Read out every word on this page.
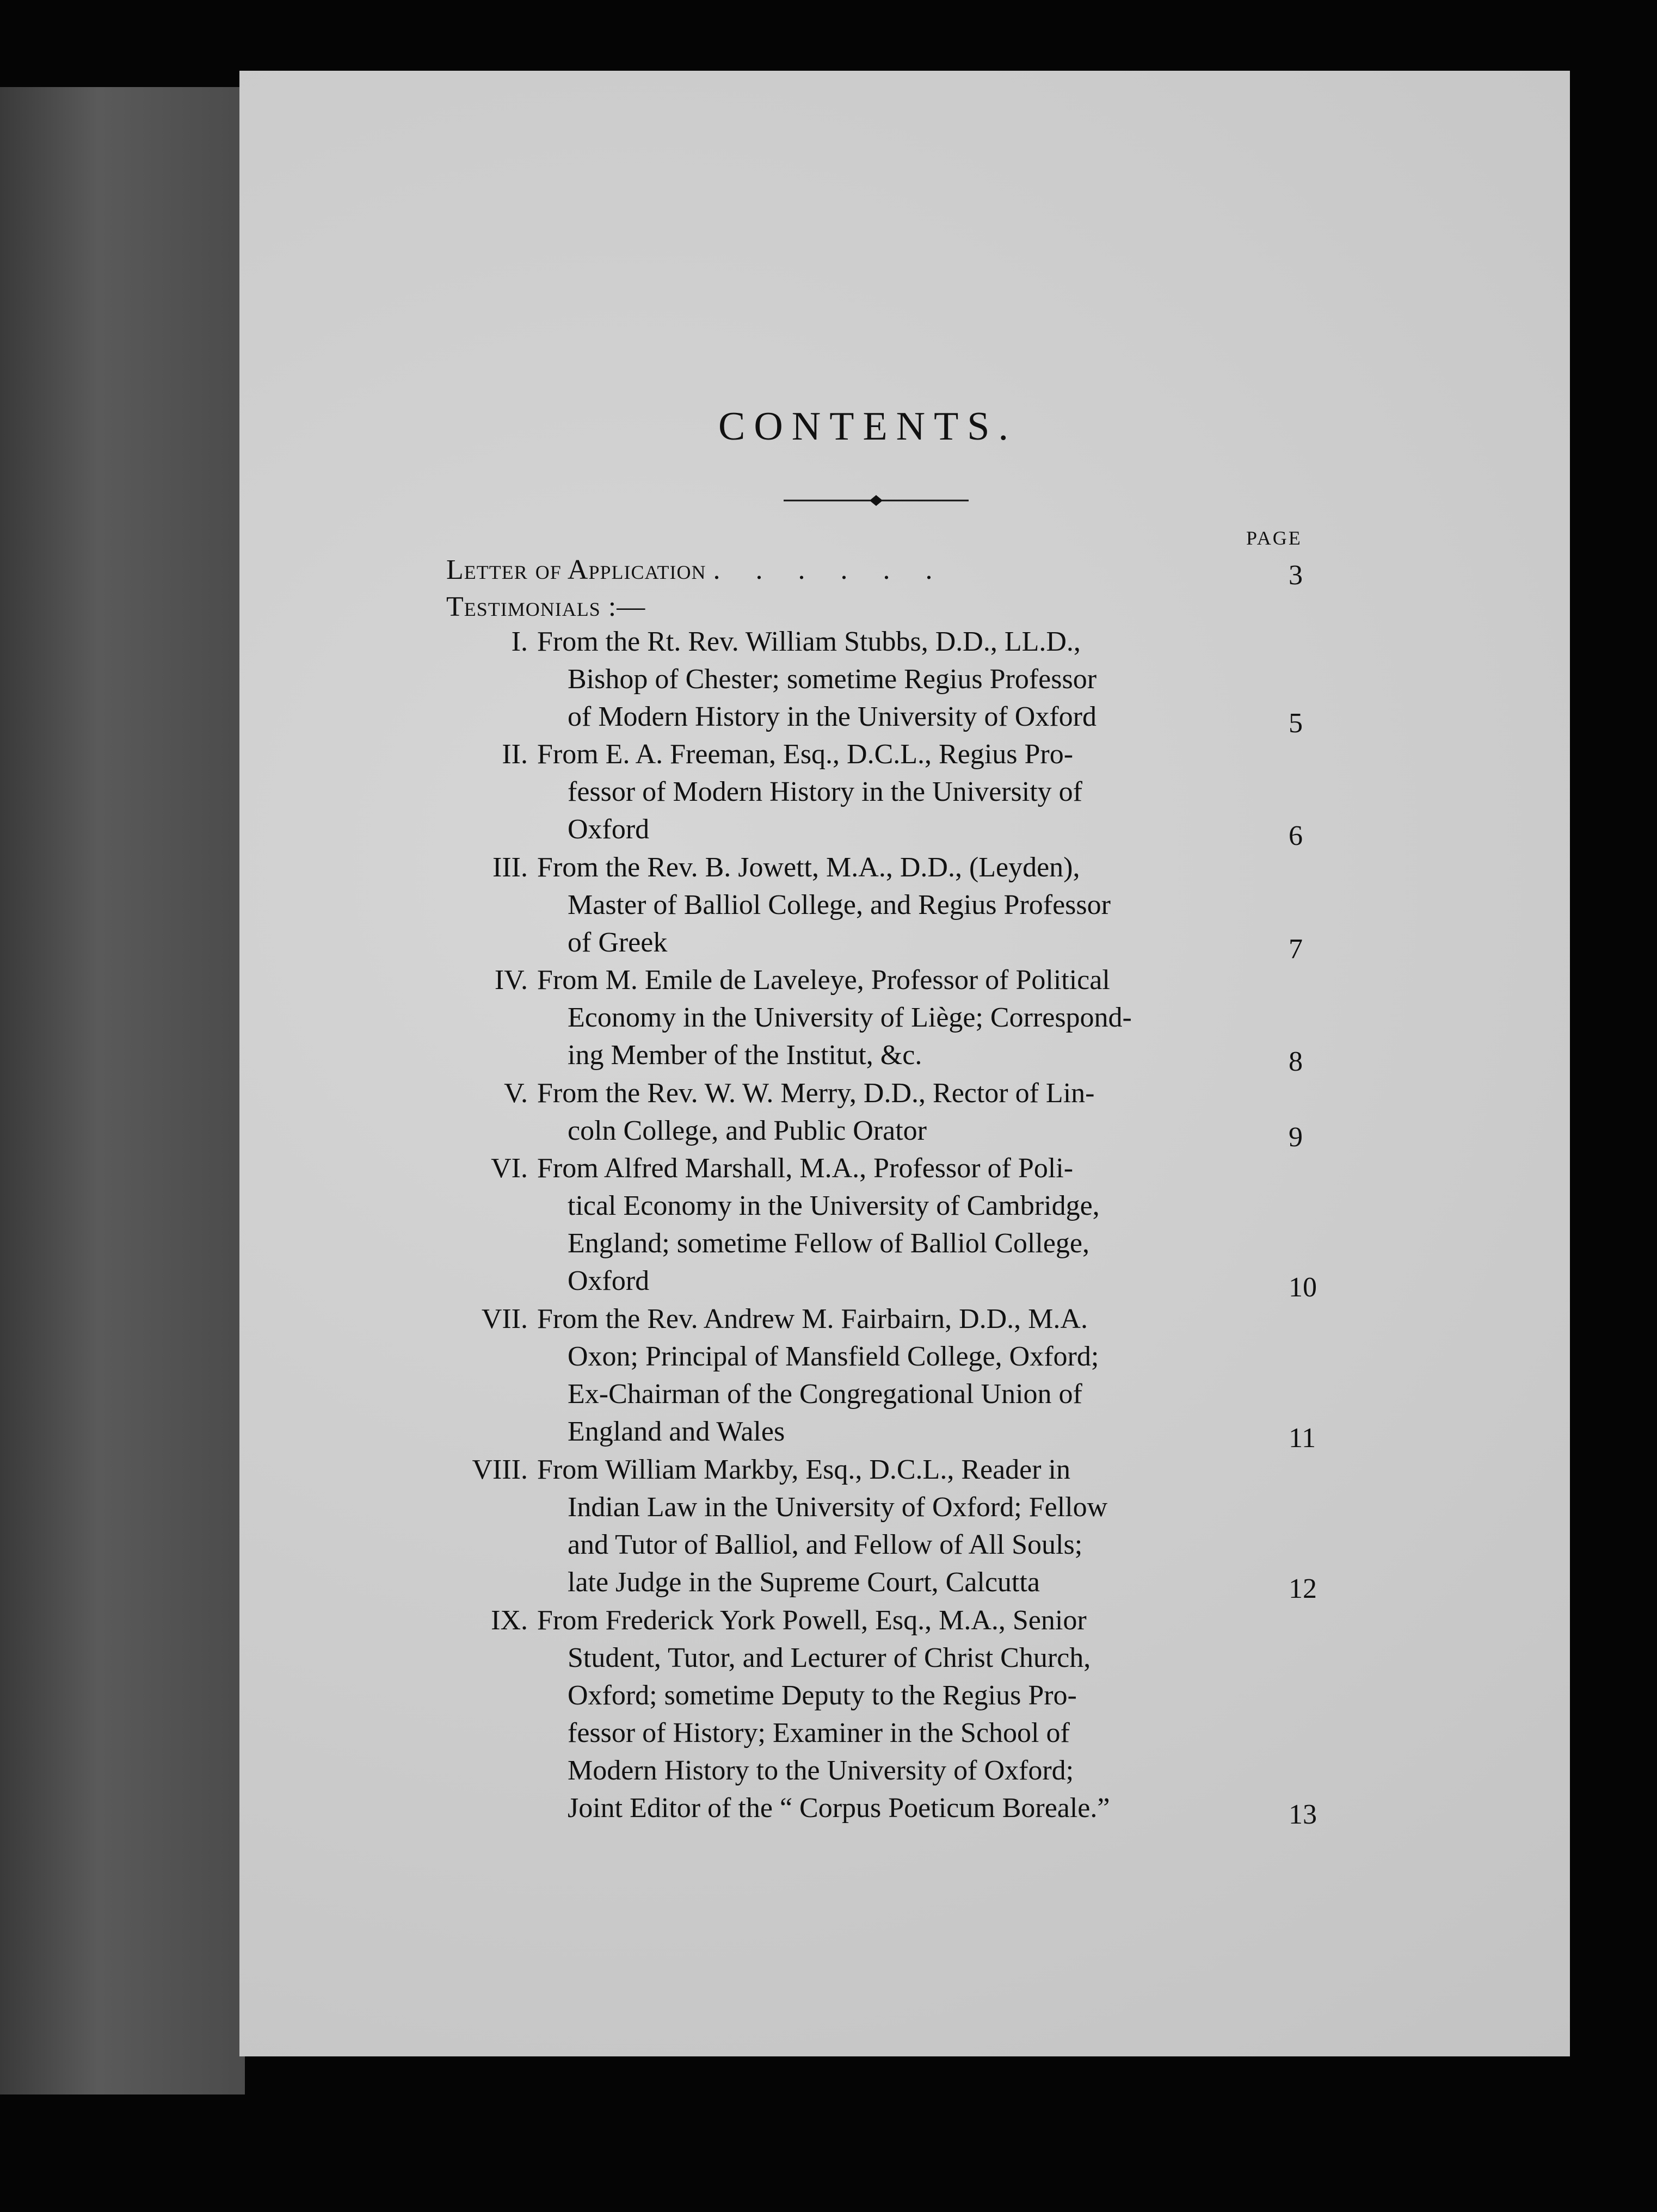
CONTENTS.
PAGE
Letter of Application .     .     .     .     .     .	3
Testimonials :—
I. From the Rt. Rev. William Stubbs, D.D., LL.D.,
Bishop of Chester; sometime Regius Professor
of Modern History in the University of Oxford	5
II. From E. A. Freeman, Esq., D.C.L., Regius Pro-
fessor of Modern History in the University of
Oxford	6
III. From the Rev. B. Jowett, M.A., D.D., (Leyden),
Master of Balliol College, and Regius Professor
of Greek	7
IV. From M. Emile de Laveleye, Professor of Political
Economy in the University of Liège; Correspond-
ing Member of the Institut, &c.	8
V. From the Rev. W. W. Merry, D.D., Rector of Lin-
coln College, and Public Orator	9
VI. From Alfred Marshall, M.A., Professor of Poli-
tical Economy in the University of Cambridge,
England; sometime Fellow of Balliol College,
Oxford	10
VII. From the Rev. Andrew M. Fairbairn, D.D., M.A.
Oxon; Principal of Mansfield College, Oxford;
Ex-Chairman of the Congregational Union of
England and Wales	11
VIII. From William Markby, Esq., D.C.L., Reader in
Indian Law in the University of Oxford; Fellow
and Tutor of Balliol, and Fellow of All Souls;
late Judge in the Supreme Court, Calcutta	12
IX. From Frederick York Powell, Esq., M.A., Senior
Student, Tutor, and Lecturer of Christ Church,
Oxford; sometime Deputy to the Regius Pro-
fessor of History; Examiner in the School of
Modern History to the University of Oxford;
Joint Editor of the “ Corpus Poeticum Boreale.”	13
